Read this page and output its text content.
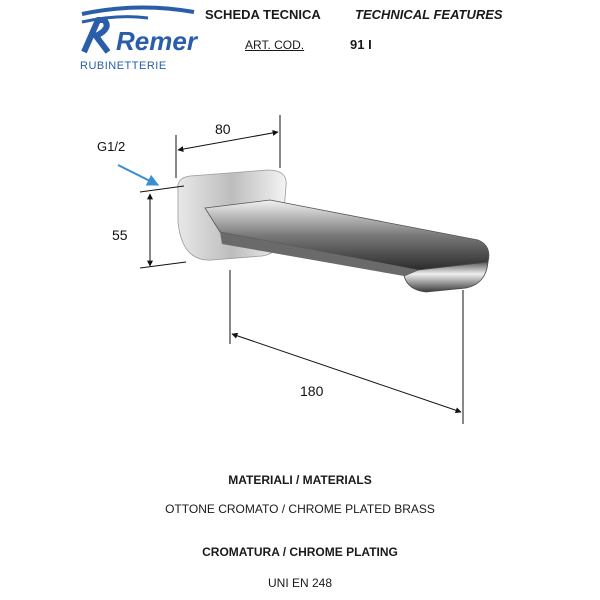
Remer
RUBINETTERIE
SCHEDA TECNICA	TECHNICAL FEATURES
ART. COD.	91 I
G1/2
80
55
180
MATERIALI / MATERIALS
OTTONE CROMATO / CHROME PLATED BRASS
CROMATURA / CHROME PLATING
UNI EN 248
